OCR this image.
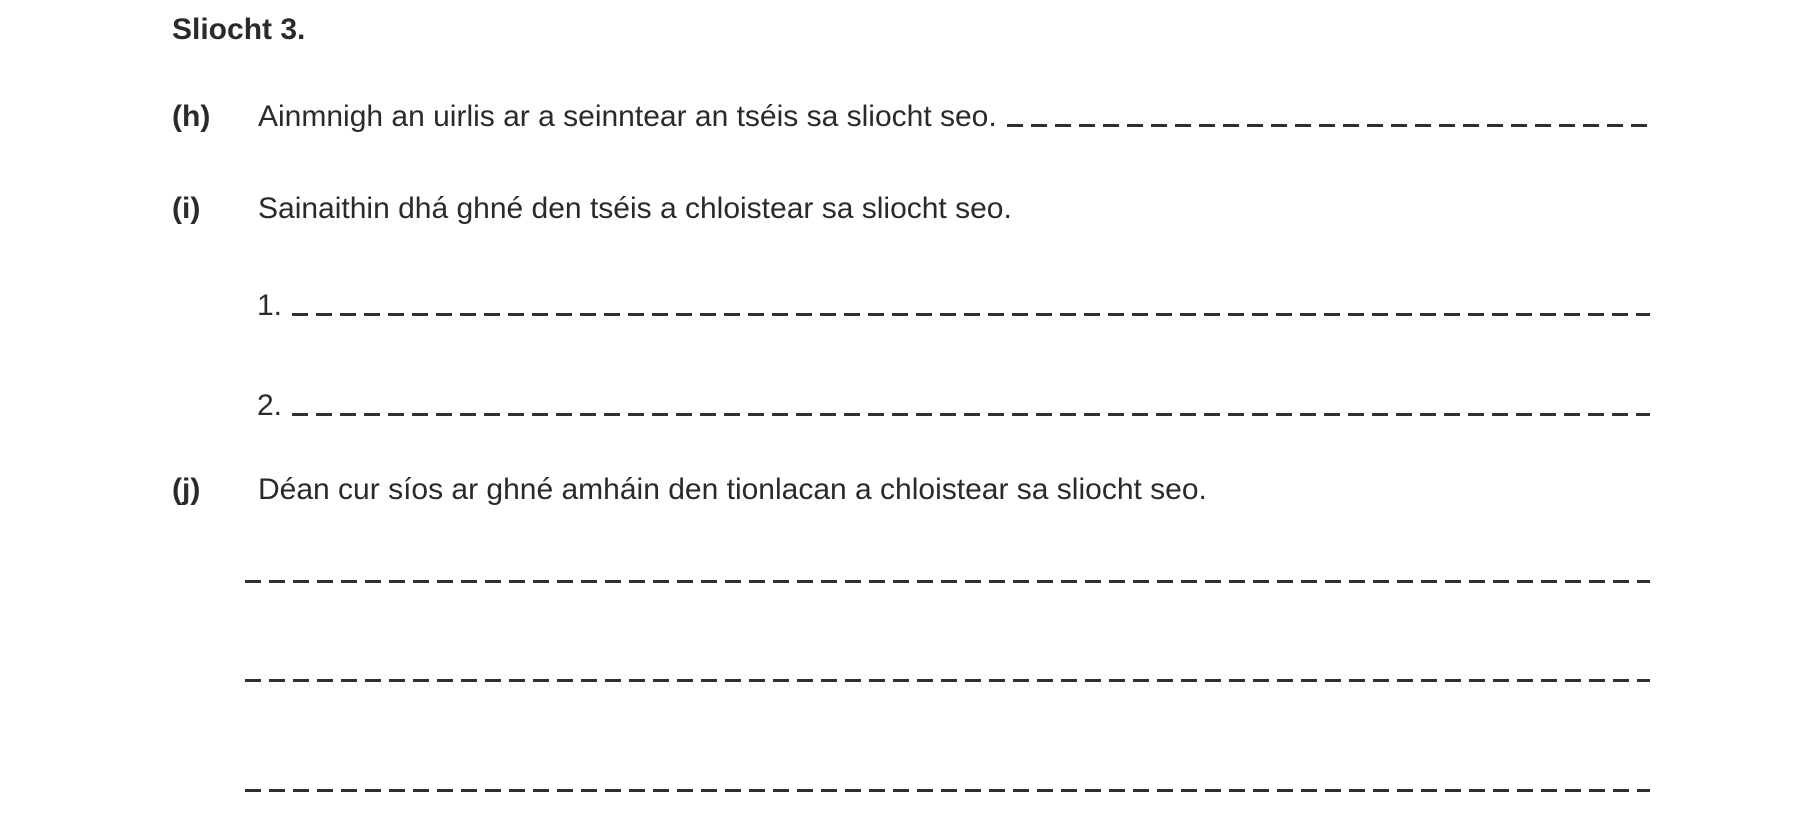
Sliocht 3.
(h)	Ainmnigh an uirlis ar a seinntear an tséis sa sliocht seo.
(i)	Sainaithin dhá ghné den tséis a chloistear sa sliocht seo.
1.
2.
(j)	Déan cur síos ar ghné amháin den tionlacan a chloistear sa sliocht seo.
